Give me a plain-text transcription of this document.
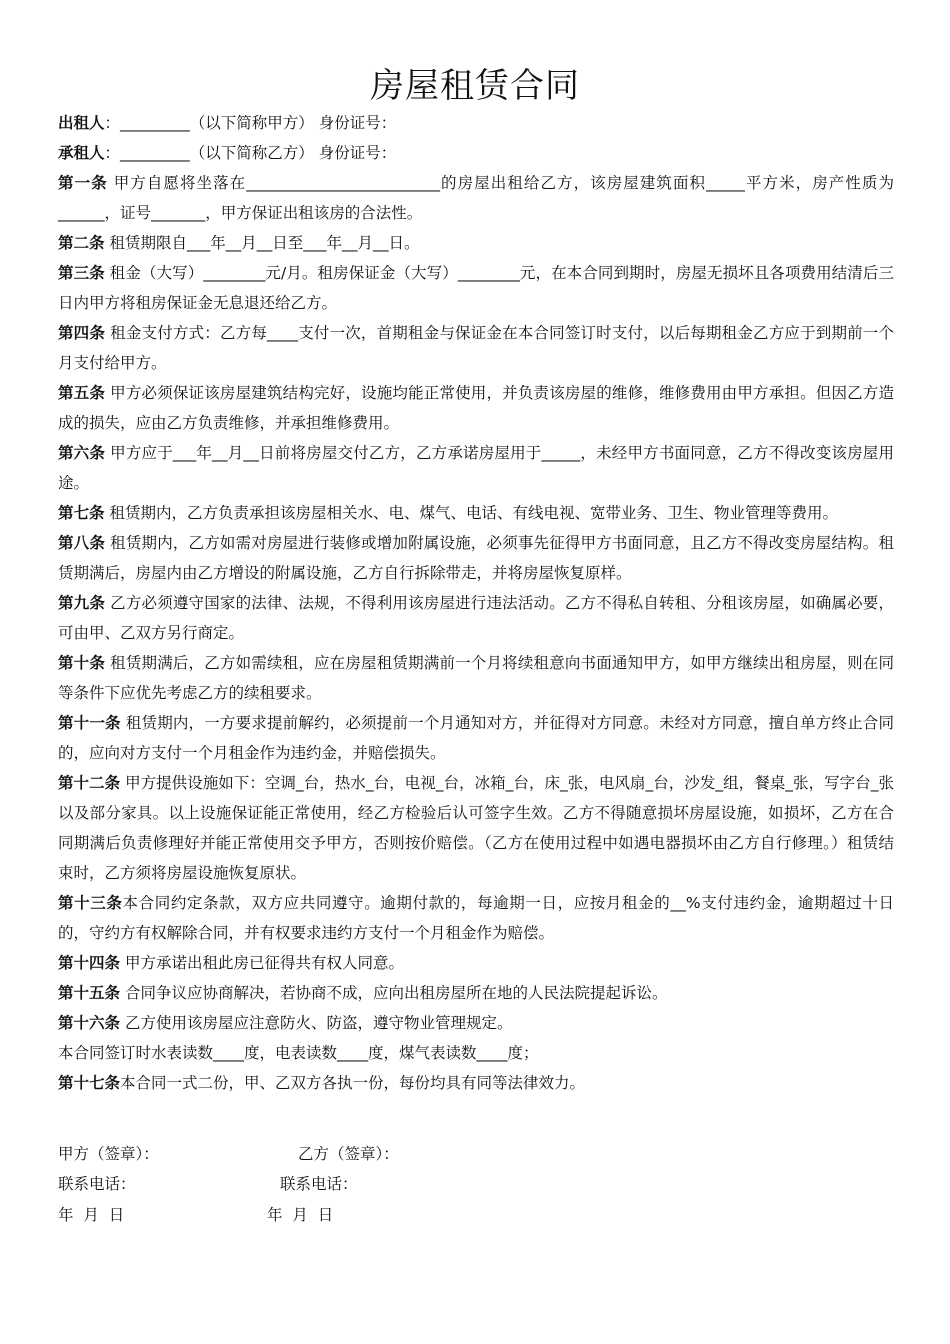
房屋租赁合同
出租人：_________（以下简称甲方） 身份证号：
承租人：_________（以下简称乙方） 身份证号：
第一条 甲方自愿将坐落在_________________________的房屋出租给乙方，该房屋建筑面积_____平方米，房产性质为______，证号_______，甲方保证出租该房的合法性。
第二条 租赁期限自___年__月__日至___年__月__日。
第三条 租金（大写）________元/月。租房保证金（大写）________元，在本合同到期时，房屋无损坏且各项费用结清后三日内甲方将租房保证金无息退还给乙方。
第四条 租金支付方式：乙方每____支付一次，首期租金与保证金在本合同签订时支付，以后每期租金乙方应于到期前一个月支付给甲方。
第五条 甲方必须保证该房屋建筑结构完好，设施均能正常使用，并负责该房屋的维修，维修费用由甲方承担。但因乙方造成的损失，应由乙方负责维修，并承担维修费用。
第六条 甲方应于___年__月__日前将房屋交付乙方，乙方承诺房屋用于_____，未经甲方书面同意，乙方不得改变该房屋用途。
第七条 租赁期内，乙方负责承担该房屋相关水、电、煤气、电话、有线电视、宽带业务、卫生、物业管理等费用。
第八条 租赁期内，乙方如需对房屋进行装修或增加附属设施，必须事先征得甲方书面同意，且乙方不得改变房屋结构。租赁期满后，房屋内由乙方增设的附属设施，乙方自行拆除带走，并将房屋恢复原样。
第九条 乙方必须遵守国家的法律、法规，不得利用该房屋进行违法活动。乙方不得私自转租、分租该房屋，如确属必要，可由甲、乙双方另行商定。
第十条 租赁期满后，乙方如需续租，应在房屋租赁期满前一个月将续租意向书面通知甲方，如甲方继续出租房屋，则在同等条件下应优先考虑乙方的续租要求。
第十一条 租赁期内，一方要求提前解约，必须提前一个月通知对方，并征得对方同意。未经对方同意，擅自单方终止合同的，应向对方支付一个月租金作为违约金，并赔偿损失。
第十二条 甲方提供设施如下：空调_台，热水_台，电视_台，冰箱_台，床_张，电风扇_台，沙发_组，餐桌_张，写字台_张以及部分家具。以上设施保证能正常使用，经乙方检验后认可签字生效。乙方不得随意损坏房屋设施，如损坏，乙方在合同期满后负责修理好并能正常使用交予甲方，否则按价赔偿。（乙方在使用过程中如遇电器损坏由乙方自行修理。）租赁结束时，乙方须将房屋设施恢复原状。
第十三条本合同约定条款，双方应共同遵守。逾期付款的，每逾期一日，应按月租金的__%支付违约金，逾期超过十日的，守约方有权解除合同，并有权要求违约方支付一个月租金作为赔偿。
第十四条 甲方承诺出租此房已征得共有权人同意。
第十五条 合同争议应协商解决，若协商不成，应向出租房屋所在地的人民法院提起诉讼。
第十六条 乙方使用该房屋应注意防火、防盗，遵守物业管理规定。
本合同签订时水表读数____度，电表读数____度，煤气表读数____度；
第十七条本合同一式二份，甲、乙双方各执一份，每份均具有同等法律效力。
甲方（签章）：	乙方（签章）：
联系电话：	联系电话：
年  月  日	年  月  日
